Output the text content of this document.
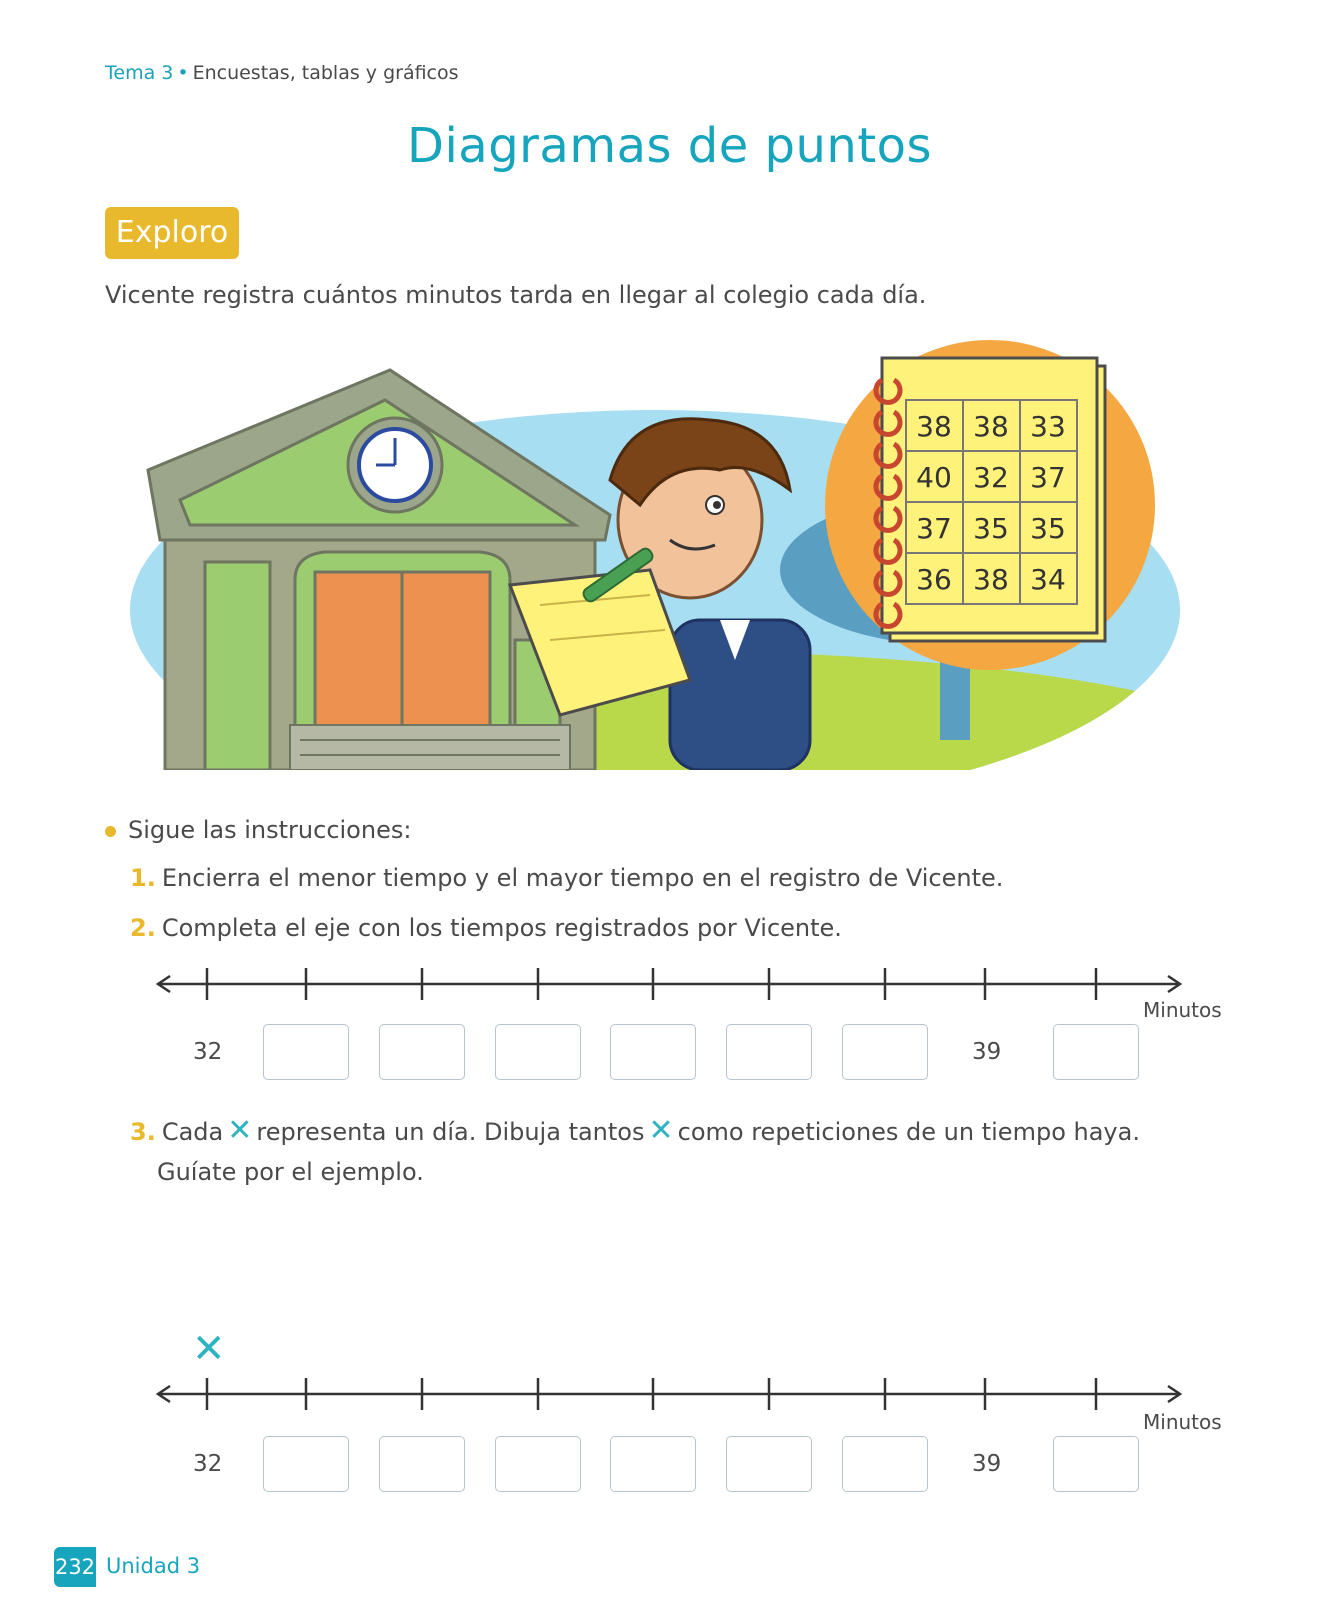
Tema 3 • Encuestas, tablas y gráficos
Diagramas de puntos
Exploro
Vicente registra cuántos minutos tarda en llegar al colegio cada día.
38 38 33
40 32 37
37 35 35
36 38 34
Sigue las instrucciones:
1. Encierra el menor tiempo y el mayor tiempo en el registro de Vicente.
2. Completa el eje con los tiempos registrados por Vicente.
Minutos
32	39
3. Cada ✕ representa un día. Dibuja tantos ✕ como repeticiones de un tiempo haya.
Guíate por el ejemplo.
✕
Minutos
32	39
232 Unidad 3
